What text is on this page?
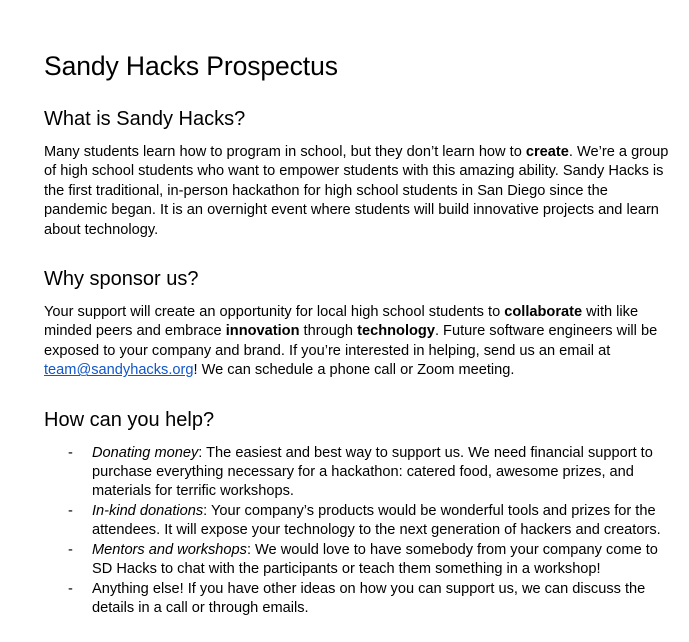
Sandy Hacks Prospectus
What is Sandy Hacks?

Many students learn how to program in school, but they don’t learn how to create. We’re a group of high school students who want to empower students with this amazing ability. Sandy Hacks is the first traditional, in-person hackathon for high school students in San Diego since the pandemic began. It is an overnight event where students will build innovative projects and learn about technology.

Why sponsor us?

Your support will create an opportunity for local high school students to collaborate with like minded peers and embrace innovation through technology. Future software engineers will be exposed to your company and brand. If you’re interested in helping, send us an email at team@sandyhacks.org! We can schedule a phone call or Zoom meeting.

How can you help?
- Donating money: The easiest and best way to support us. We need financial support to purchase everything necessary for a hackathon: catered food, awesome prizes, and materials for terrific workshops.
- In-kind donations: Your company’s products would be wonderful tools and prizes for the attendees. It will expose your technology to the next generation of hackers and creators.
- Mentors and workshops: We would love to have somebody from your company come to SD Hacks to chat with the participants or teach them something in a workshop!
- Anything else! If you have other ideas on how you can support us, we can discuss the details in a call or through emails.
